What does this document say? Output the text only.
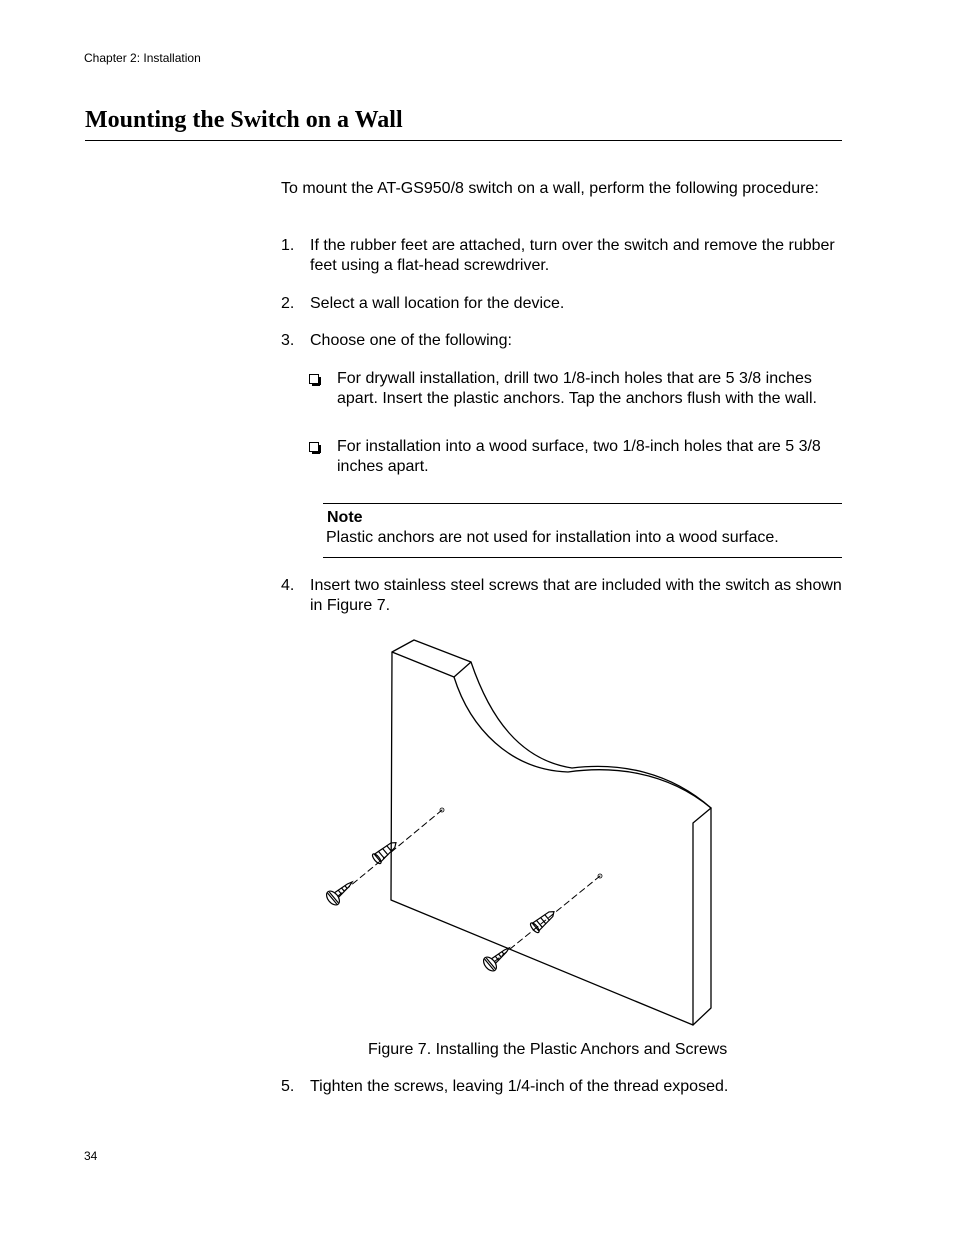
Chapter 2: Installation
Mounting the Switch on a Wall

To mount the AT-GS950/8 switch on a wall, perform the following procedure:

1. If the rubber feet are attached, turn over the switch and remove the rubber feet using a flat-head screwdriver.
2. Select a wall location for the device.
3. Choose one of the following:
For drywall installation, drill two 1/8-inch holes that are 5 3/8 inches apart. Insert the plastic anchors. Tap the anchors flush with the wall.
For installation into a wood surface, two 1/8-inch holes that are 5 3/8 inches apart.
Note
Plastic anchors are not used for installation into a wood surface.
4. Insert two stainless steel screws that are included with the switch as shown in Figure 7.
Figure 7. Installing the Plastic Anchors and Screws
5. Tighten the screws, leaving 1/4-inch of the thread exposed.
34
